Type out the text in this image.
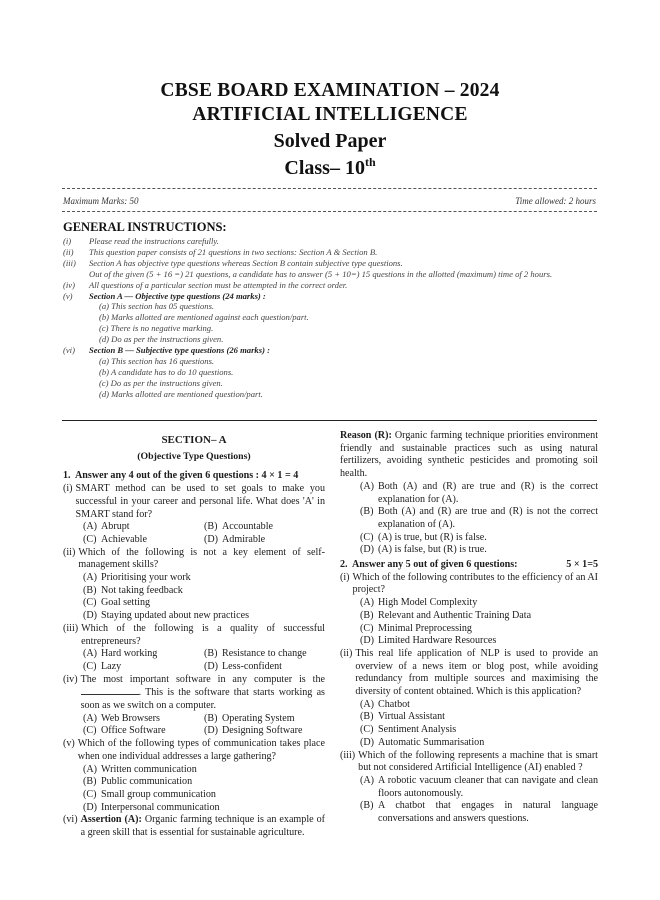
CBSE BOARD EXAMINATION – 2024
ARTIFICIAL INTELLIGENCE
Solved Paper
Class– 10th
Maximum Marks: 50	Time allowed: 2 hours
GENERAL INSTRUCTIONS:
(i)	Please read the instructions carefully.
(ii)	This question paper consists of 21 questions in two sections: Section A & Section B.
(iii)	Section A has objective type questions whereas Section B contain subjective type questions.
Out of the given (5 + 16 =) 21 questions, a candidate has to answer (5 + 10=) 15 questions in the allotted (maximum) time of 2 hours.
(iv)	All questions of a particular section must be attempted in the correct order.
(v)	Section A — Objective type questions (24 marks) :
(a) This section has 05 questions.
(b) Marks allotted are mentioned against each question/part.
(c) There is no negative marking.
(d) Do as per the instructions given.
(vi)	Section B — Subjective type questions (26 marks) :
(a) This section has 16 questions.
(b) A candidate has to do 10 questions.
(c) Do as per the instructions given.
(d) Marks allotted are mentioned question/part.
SECTION– A
(Objective Type Questions)
1. Answer any 4 out of the given 6 questions : 4 × 1 = 4
(i) SMART method can be used to set goals to make you successful in your career and personal life. What does 'A' in SMART stand for?
(A) Abrupt	(B) Accountable
(C) Achievable	(D) Admirable
(ii) Which of the following is not a key element of self-management skills?
(A) Prioritising your work
(B) Not taking feedback
(C) Goal setting
(D) Staying updated about new practices
(iii) Which of the following is a quality of successful entrepreneurs?
(A) Hard working	(B) Resistance to change
(C) Lazy	(D) Less-confident
(iv) The most important software in any computer is the . This is the software that starts working as soon as we switch on a computer.
(A) Web Browsers	(B) Operating System
(C) Office Software	(D) Designing Software
(v) Which of the following types of communication takes place when one individual addresses a large gathering?
(A) Written communication
(B) Public communication
(C) Small group communication
(D) Interpersonal communication
(vi) Assertion (A): Organic farming technique is an example of a green skill that is essential for sustainable agriculture.
Reason (R): Organic farming technique priorities environment friendly and sustainable practices such as using natural fertilizers, avoiding synthetic pesticides and promoting soil health.
(A) Both (A) and (R) are true and (R) is the correct explanation for (A).
(B) Both (A) and (R) are true and (R) is not the correct explanation of (A).
(C) (A) is true, but (R) is false.
(D) (A) is false, but (R) is true.
2. Answer any 5 out of given 6 questions:	5 × 1=5
(i) Which of the following contributes to the efficiency of an AI project?
(A) High Model Complexity
(B) Relevant and Authentic Training Data
(C) Minimal Preprocessing
(D) Limited Hardware Resources
(ii) This real life application of NLP is used to provide an overview of a news item or blog post, while avoiding redundancy from multiple sources and maximising the diversity of content obtained. Which is this application?
(A) Chatbot
(B) Virtual Assistant
(C) Sentiment Analysis
(D) Automatic Summarisation
(iii) Which of the following represents a machine that is smart but not considered Artificial Intelligence (AI) enabled ?
(A) A robotic vacuum cleaner that can navigate and clean floors autonomously.
(B) A chatbot that engages in natural language conversations and answers questions.
